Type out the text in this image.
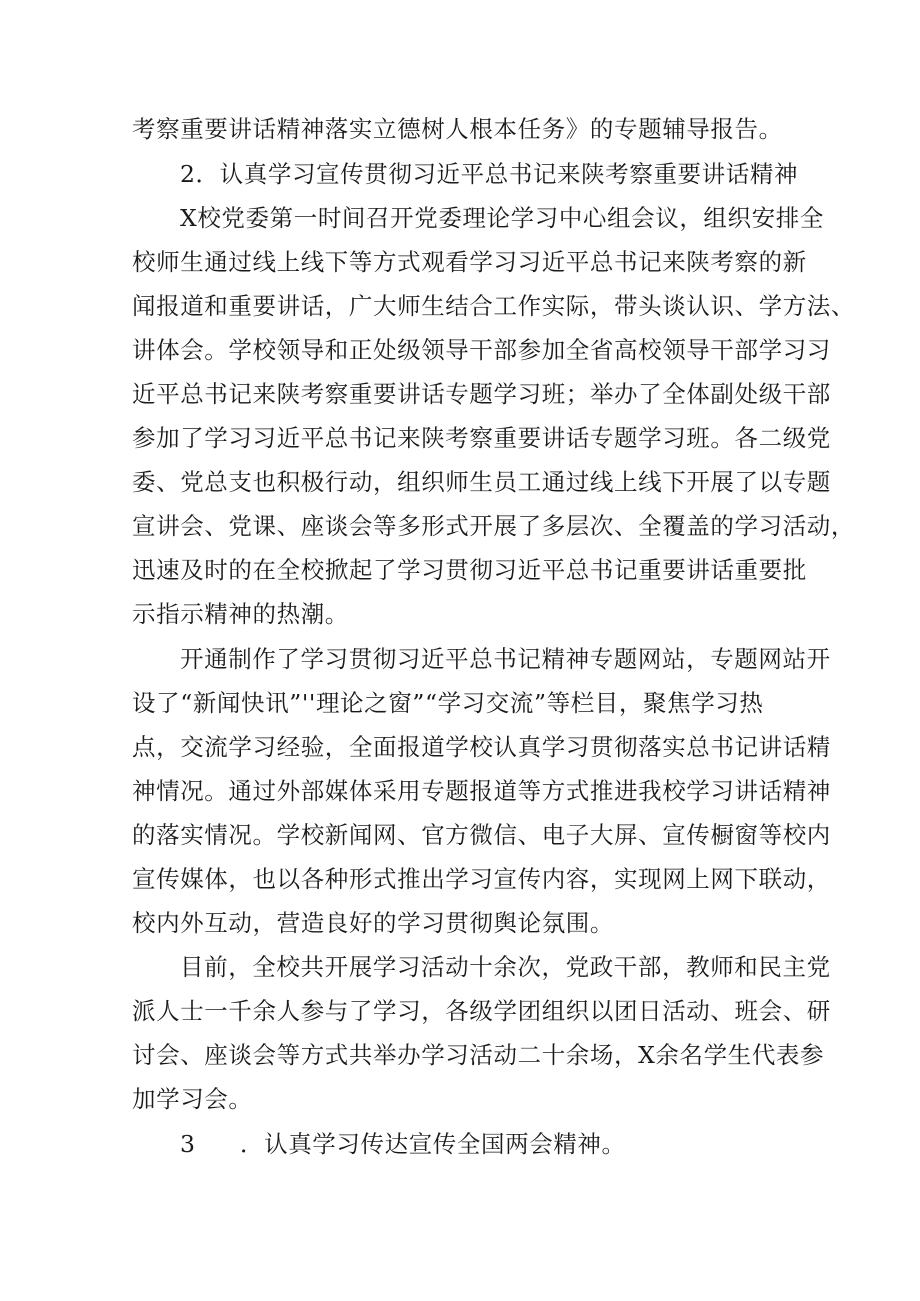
考察重要讲话精神落实立德树人根本任务》的专题辅导报告。
2．认真学习宣传贯彻习近平总书记来陕考察重要讲话精神
X校党委第一时间召开党委理论学习中心组会议，组织安排全
校师生通过线上线下等方式观看学习习近平总书记来陕考察的新
闻报道和重要讲话，广大师生结合工作实际，带头谈认识、学方法、
讲体会。学校领导和正处级领导干部参加全省高校领导干部学习习
近平总书记来陕考察重要讲话专题学习班；举办了全体副处级干部
参加了学习习近平总书记来陕考察重要讲话专题学习班。各二级党
委、党总支也积极行动，组织师生员工通过线上线下开展了以专题
宣讲会、党课、座谈会等多形式开展了多层次、全覆盖的学习活动，
迅速及时的在全校掀起了学习贯彻习近平总书记重要讲话重要批
示指示精神的热潮。
开通制作了学习贯彻习近平总书记精神专题网站，专题网站开
设了“新闻快讯”''理论之窗”“学习交流”等栏目，聚焦学习热
点，交流学习经验，全面报道学校认真学习贯彻落实总书记讲话精
神情况。通过外部媒体采用专题报道等方式推进我校学习讲话精神
的落实情况。学校新闻网、官方微信、电子大屏、宣传橱窗等校内
宣传媒体，也以各种形式推出学习宣传内容，实现网上网下联动，
校内外互动，营造良好的学习贯彻舆论氛围。
目前，全校共开展学习活动十余次，党政干部，教师和民主党
派人士一千余人参与了学习，各级学团组织以团日活动、班会、研
讨会、座谈会等方式共举办学习活动二十余场，X余名学生代表参
加学习会。
3 ．认真学习传达宣传全国两会精神。
